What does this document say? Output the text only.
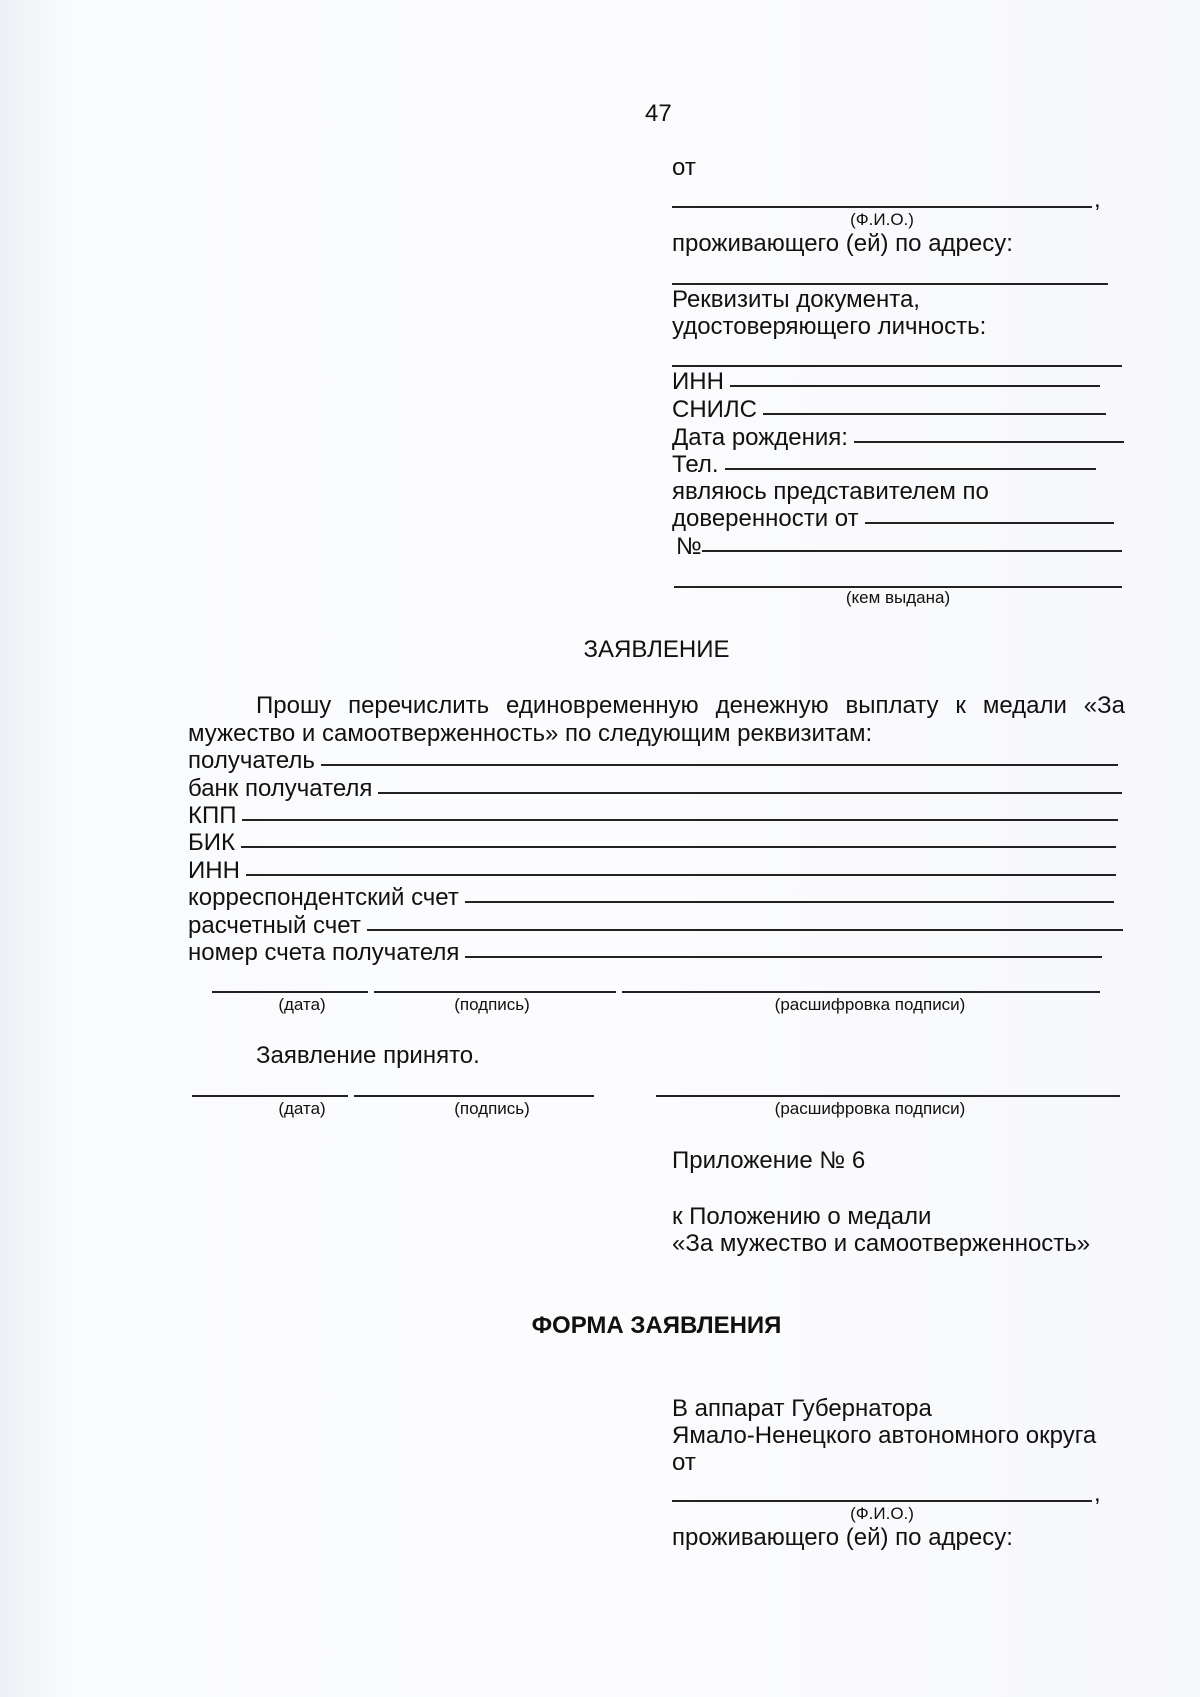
47
от
,
(Ф.И.О.)
проживающего (ей) по адресу:
Реквизиты документа,
удостоверяющего личность:
ИНН
СНИЛС
Дата рождения:
Тел.
являюсь представителем по
доверенности от
№
(кем выдана)
ЗАЯВЛЕНИЕ
Прошу перечислить единовременную денежную выплату к медали «За
мужество и самоотверженность» по следующим реквизитам:
получатель
банк получателя
КПП
БИК
ИНН
корреспондентский счет
расчетный счет
номер счета получателя
(дата)	(подпись)	(расшифровка подписи)
Заявление принято.
(дата)	(подпись)	(расшифровка подписи)
Приложение № 6
к Положению о медали
«За мужество и самоотверженность»
ФОРМА ЗАЯВЛЕНИЯ
В аппарат Губернатора
Ямало-Ненецкого автономного округа
от
,
(Ф.И.О.)
проживающего (ей) по адресу:
